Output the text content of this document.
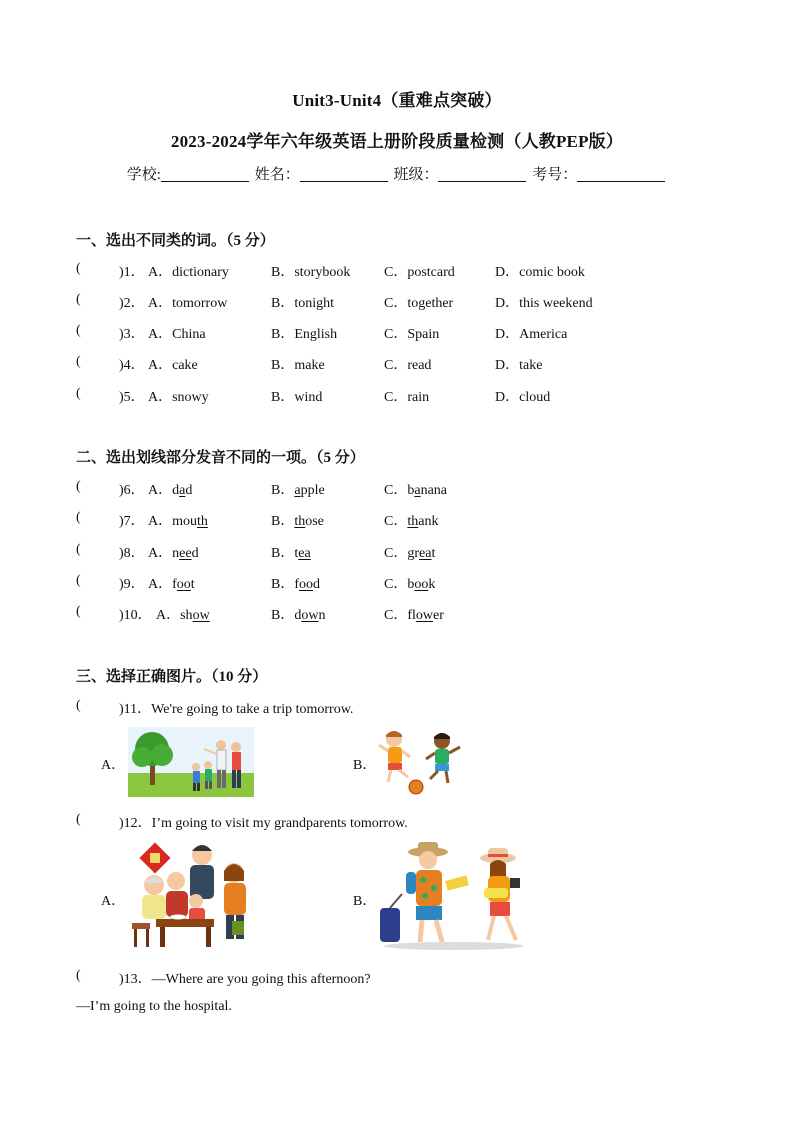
Unit3-Unit4（重难点突破）
2023-2024学年六年级英语上册阶段质量检测（人教PEP版）
学校:	姓名：	班级：	考号：
一、选出不同类的词。（5 分）
(	)1． A．dictionary	B．storybook C．postcard	D．comic book
(	)2． A．tomorrow	B．tonight	C．together	D．this weekend
(	)3． A．China	B．English	C．Spain	D．America
(	)4． A．cake	B．make	C．read	D．take
(	)5． A．snowy	B．wind	C．rain	D．cloud
二、选出划线部分发音不同的一项。（5 分）
(	)6． A．dad	B．apple	C．banana
(	)7． A．mouth	B．those	C．thank
(	)8． A．need	B．tea	C．great
(	)9． A．foot	B．food	C．book
(	)10． A．show	B．down	C．flower
三、选择正确图片。（10 分）
(	)11．We're going to take a trip tomorrow.
A．	B．
(	)12．I’m going to visit my grandparents tomorrow.
A．	B．
(	)13．—Where are you going this afternoon?
—I’m going to the hospital.
